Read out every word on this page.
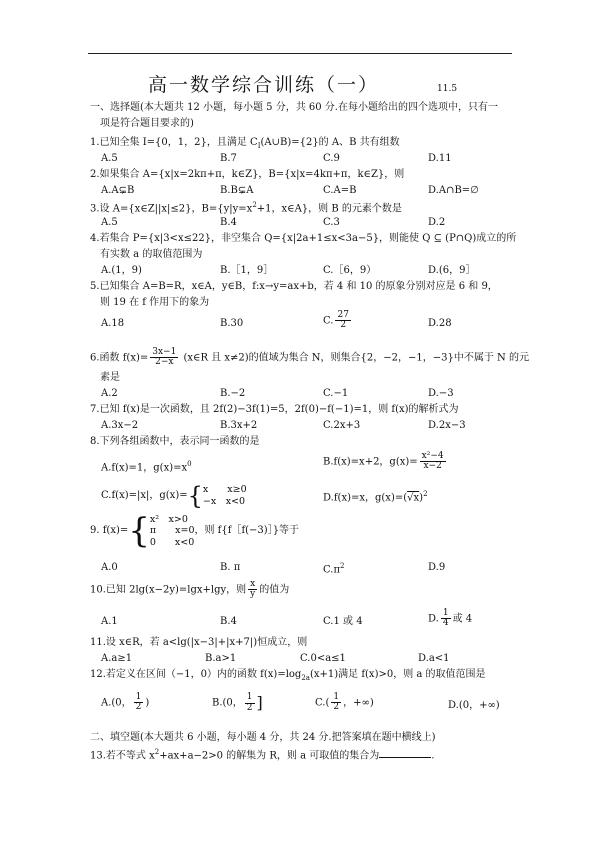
高一数学综合训练（一）	11.5
一、选择题(本大题共 12 小题，每小题 5 分，共 60 分.在每小题给出的四个选项中，只有一
项是符合题目要求的)
1.已知全集 I={0，1，2}，且满足 $C_I(A\cup B)=\{2\}$的 A、B 共有组数
A.5	B.7	C.9	D.11
2.如果集合 A={x|x=2kπ+π，k∈Z}，B={x|x=4kπ+π，k∈Z}，则
A.A⊊B	B.B⊊A	C.A=B	D.A∩B=∅
3.设 A={x∈Z||x|≤2}，$B=\{y|y=x^2+1$，x∈A}，则 B 的元素个数是
A.5	B.4	C.3	D.2
4.若集合 P={x|3<x≤22}，非空集合 Q={x|2a+1≤x<3a−5}，则能使 Q ⊆ (P∩Q)成立的所
有实数 a 的取值范围为
A.(1，9)	B.［1，9］	C.［6，9）	D.(6，9］
5.已知集合 A=B=R，x∈A，y∈B，f:x→y=ax+b，若 4 和 10 的原象分别对应是 6 和 9，
则 19 在 f 作用下的象为
A.18	B.30	C. $\frac{27}{2}$	D.28
6.函数 $f(x)= \frac{3x-1}{2-x}$ (x∈R 且 x≠2)的值域为集合 N，则集合{2，−2，−1，−3}中不属于 N 的元
素是
A.2	B.−2	C.−1	D.−3
7.已知 f(x)是一次函数，且 2f(2)−3f(1)=5，2f(0)−f(−1)=1，则 f(x)的解析式为
A.3x−2	B.3x+2	C.2x+3	D.2x−3
8.下列各组函数中，表示同一函数的是
A.f(x)=1，$g(x)=x^0$	B.f(x)=x+2，$g(x)= \frac{\text{x²−4}}{x-2}$
C.f(x)=|x|，g(x)={x　　x≥0
−x　x<0	D.f(x)=x，$g(x)=(√x)^2$
9. f(x)={x²　x>0
π　　x=0
0　　x<0，则 f{f［f(−3)］}等于
A.0	B. π	$C.\pi^2$	D.9
10.已知 2lg(x−2y)=lgx+lgy，则 $\frac{x}{y}$ 的值为
A.1	B.4	C.1 或 4	D. $\frac{1}{4}$ 或 4
11.设 x∈R，若 a<lg(|x−3|+|x+7|)恒成立，则
A.a≥1	B.a>1	C.0<a≤1	D.a<1
12.若定义在区间（−1，0）内的函数 $f(x)=\log_{2a}(x+1)$满足 f(x)>0，则 a 的取值范围是
A.(0， $\frac{1}{2}$ )	B.(0， $\frac{1}{2}$ ]	$C.( \frac{1}{2}$ ，+∞)	D.(0，+∞)
二、填空题(本大题共 6 小题，每小题 4 分，共 24 分.把答案填在题中横线上)
13.若不等式 $x^2+ax+a-2>0$ 的解集为 R，则 a 可取值的集合为	.
